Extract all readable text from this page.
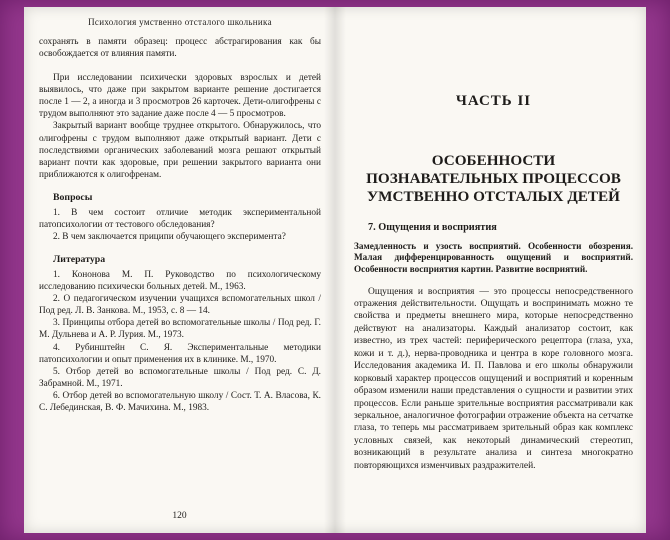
Психология умственно отсталого школьника

сохранять в памяти образец: процесс абстрагирования как бы освобождается от влияния памяти.

При исследовании психически здоровых взрослых и детей выявилось, что даже при закрытом варианте решение достигается после 1 — 2, а иногда и 3 просмотров 26 карточек. Дети-олигофрены с трудом выполняют это задание даже после 4 — 5 просмотров.

Закрытый вариант вообще труднее открытого. Обнаружилось, что олигофрены с трудом выполняют даже открытый вариант. Дети с последствиями органических заболеваний мозга решают открытый вариант почти как здоровые, при решении закрытого варианта они приближаются к олигофренам.

Вопросы

1. В чем состоит отличие методик экспериментальной патопсихологии от тестового обследования?

2. В чем заключается приципи обучающего эксперимента?

Литература

1. Кононова М. П. Руководство по психологическому исследованию психически больных детей. М., 1963.

2. О педагогическом изучении учащихся вспомогательных школ / Под ред. Л. В. Занкова. М., 1953, с. 8 — 14.

3. Принципы отбора детей во вспомогательные школы / Под ред. Г. М. Дульнева и А. Р. Лурия. М., 1973.

4. Рубинштейн С. Я. Экспериментальные методики патопсихологии и опыт применения их в клинике. М., 1970.

5. Отбор детей во вспомогательные школы / Под ред. С. Д. Забрамной. М., 1971.

6. Отбор детей во вспомогательную школу / Сост. Т. А. Власова, К. С. Лебединская, В. Ф. Мачихина. М., 1983.

120
ЧАСТЬ II
ОСОБЕННОСТИ
ПОЗНАВАТЕЛЬНЫХ ПРОЦЕССОВ
УМСТВЕННО ОТСТАЛЫХ ДЕТЕЙ
7. Ощущения и восприятия

Замедленность и узость восприятий. Особенности обозрения. Малая дифференцированность ощущений и восприятий. Особенности восприятия картин. Развитие восприятий.

Ощущения и восприятия — это процессы непосредственного отражения действительности. Ощущать и воспринимать можно те свойства и предметы внешнего мира, которые непосредственно действуют на анализаторы. Каждый анализатор состоит, как известно, из трех частей: периферического рецептора (глаза, уха, кожи и т. д.), нерва-проводника и центра в коре головного мозга. Исследования академика И. П. Павлова и его школы обнаружили корковый характер процессов ощущений и восприятий и коренным образом изменили наши представления о сущности и развитии этих процессов. Если раньше зрительные восприятия рассматривали как зеркальное, аналогичное фотографии отражение объекта на сетчатке глаза, то теперь мы рассматриваем зрительный образ как комплекс условных связей, как некоторый динамический стереотип, возникающий в результате анализа и синтеза многократно повторяющихся изменчивых раздражителей.
